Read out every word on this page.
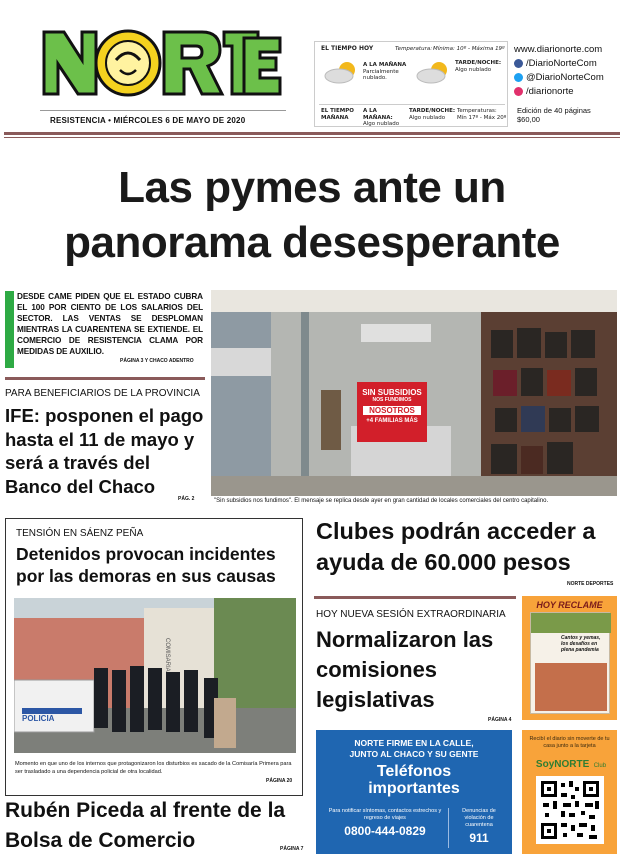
RESISTENCIA • MIÉRCOLES 6 DE MAYO DE 2020
EL TIEMPO HOY	Temperatura: Mínima: 10º - Máxima 19º
A LA MAÑANA
Parcialmente nublado.
TARDE/NOCHE:
Algo nublado
EL TIEMPO MAÑANA
A LA MAÑANA:
Algo nublado
TARDE/NOCHE:
Algo nublado
Temperaturas:
Mín 17º - Máx 20º
www.diarionorte.com
/DiarioNorteCom
@DiarioNorteCom
/diarionorte
Edición de 40 páginas
$60,00
Las pymes ante un
panorama desesperante
DESDE CAME PIDEN QUE EL ESTADO CUBRA EL 100 POR CIENTO DE LOS SALARIOS DEL SECTOR. LAS VENTAS SE DESPLOMAN MIENTRAS LA CUARENTENA SE EXTIENDE. EL COMERCIO DE RESISTENCIA CLAMA POR MEDIDAS DE AUXILIO.
PÁGINA 3 Y CHACO ADENTRO
PARA BENEFICIARIOS DE LA PROVINCIA
IFE: posponen el pago hasta el 11 de mayo y será a través del Banco del Chaco
PÁG. 2
SIN SUBSIDIOS
NOS FUNDIMOS
NOSOTROS
+4 FAMILIAS MÁS
"Sin subsidios nos fundimos". El mensaje se replica desde ayer en gran cantidad de locales comerciales del centro capitalino.
TENSIÓN EN SÁENZ PEÑA
Detenidos provocan incidentes por las demoras en sus causas
POLICIA
COMISARIA
Momento en que uno de los internos que protagonizaron los disturbios es sacado de la Comisaría Primera para ser trasladado a una dependencia policial de otra localidad.
PÁGINA 20
Rubén Piceda al frente de la Bolsa de Comercio	PÁGINA 7
Clubes podrán acceder a ayuda de 60.000 pesos
NORTE DEPORTES
HOY NUEVA SESIÓN EXTRAORDINARIA
Normalizaron las comisiones legislativas
PÁGINA 4
NORTE FIRME EN LA CALLE, JUNTO AL CHACO Y SU GENTE
Teléfonos importantes
Para notificar síntomas, contactos estrechos y regreso de viajes
0800-444-0829
Denuncias de violación de cuarentena
911
HOY RECLAME
Cantos y yemas, los desafíos en plena pandemia
Recibí el diario sin moverte de tu casa junto a la tarjeta
SoyNORTE Club
